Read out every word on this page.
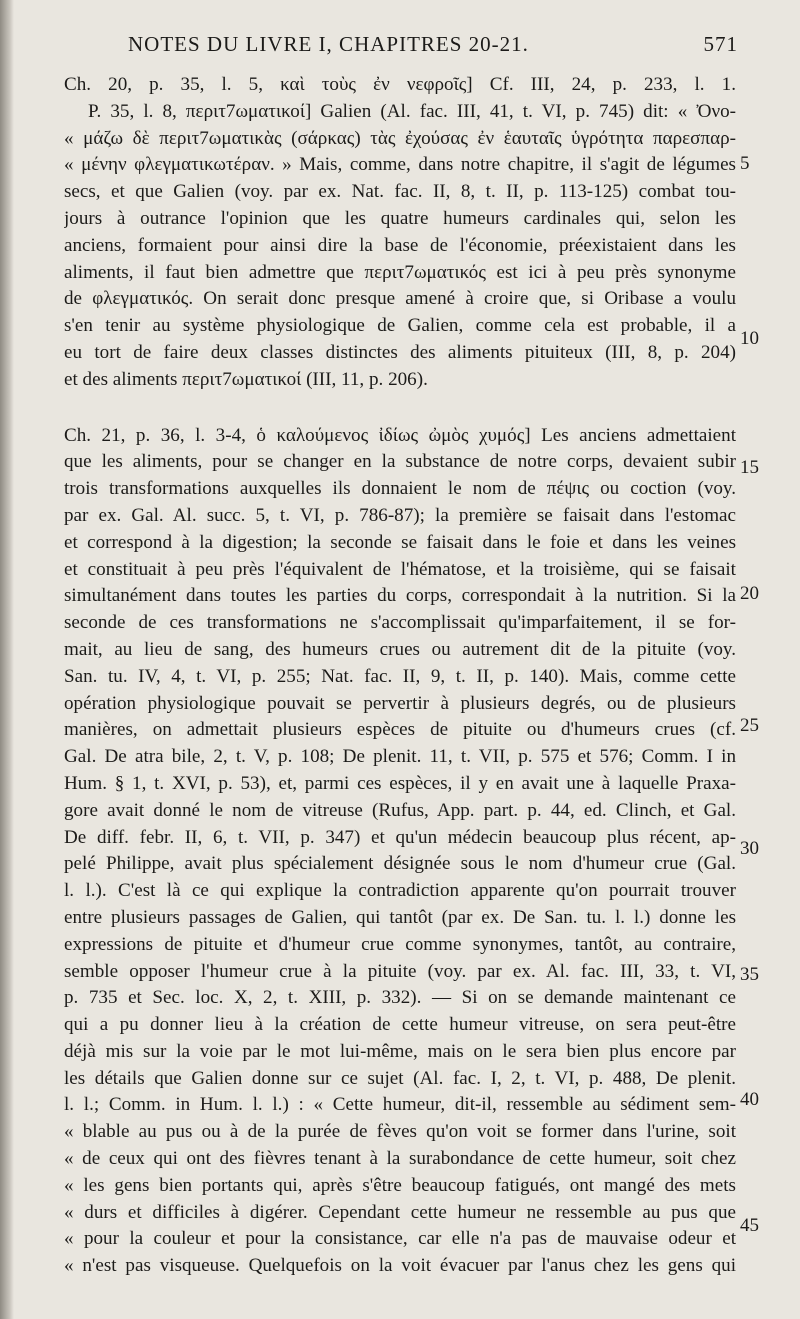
NOTES DU LIVRE I, CHAPITRES 20-21.	571
Ch. 20, p. 35, l. 5, καὶ τοὺς ἐν νεφροῖς] Cf. III, 24, p. 233, l. 1.
P. 35, l. 8, περιτ7ωματικοί] Galien (Al. fac. III, 41, t. VI, p. 745) dit: « Ὀνο-
« μάζω δὲ περιτ7ωματικὰς (σάρκας) τὰς ἐχούσας ἐν ἑαυταῖς ὑγρότητα παρεσπαρ-
« μένην φλεγματικωτέραν. » Mais, comme, dans notre chapitre, il s'agit de légumes
secs, et que Galien (voy. par ex. Nat. fac. II, 8, t. II, p. 113-125) combat tou-
jours à outrance l'opinion que les quatre humeurs cardinales qui, selon les
anciens, formaient pour ainsi dire la base de l'économie, préexistaient dans les
aliments, il faut bien admettre que περιτ7ωματικός est ici à peu près synonyme
de φλεγματικός. On serait donc presque amené à croire que, si Oribase a voulu
s'en tenir au système physiologique de Galien, comme cela est probable, il a
eu tort de faire deux classes distinctes des aliments pituiteux (III, 8, p. 204)
et des aliments περιτ7ωματικοί (III, 11, p. 206).
Ch. 21, p. 36, l. 3-4, ὁ καλούμενος ἰδίως ὠμὸς χυμός] Les anciens admettaient
que les aliments, pour se changer en la substance de notre corps, devaient subir
trois transformations auxquelles ils donnaient le nom de πέψις ou coction (voy.
par ex. Gal. Al. succ. 5, t. VI, p. 786-87); la première se faisait dans l'estomac
et correspond à la digestion; la seconde se faisait dans le foie et dans les veines
et constituait à peu près l'équivalent de l'hématose, et la troisième, qui se faisait
simultanément dans toutes les parties du corps, correspondait à la nutrition. Si la
seconde de ces transformations ne s'accomplissait qu'imparfaitement, il se for-
mait, au lieu de sang, des humeurs crues ou autrement dit de la pituite (voy.
San. tu. IV, 4, t. VI, p. 255; Nat. fac. II, 9, t. II, p. 140). Mais, comme cette
opération physiologique pouvait se pervertir à plusieurs degrés, ou de plusieurs
manières, on admettait plusieurs espèces de pituite ou d'humeurs crues (cf.
Gal. De atra bile, 2, t. V, p. 108; De plenit. 11, t. VII, p. 575 et 576; Comm. I in
Hum. § 1, t. XVI, p. 53), et, parmi ces espèces, il y en avait une à laquelle Praxa-
gore avait donné le nom de vitreuse (Rufus, App. part. p. 44, ed. Clinch, et Gal.
De diff. febr. II, 6, t. VII, p. 347) et qu'un médecin beaucoup plus récent, ap-
pelé Philippe, avait plus spécialement désignée sous le nom d'humeur crue (Gal.
l. l.). C'est là ce qui explique la contradiction apparente qu'on pourrait trouver
entre plusieurs passages de Galien, qui tantôt (par ex. De San. tu. l. l.) donne les
expressions de pituite et d'humeur crue comme synonymes, tantôt, au contraire,
semble opposer l'humeur crue à la pituite (voy. par ex. Al. fac. III, 33, t. VI,
p. 735 et Sec. loc. X, 2, t. XIII, p. 332). — Si on se demande maintenant ce
qui a pu donner lieu à la création de cette humeur vitreuse, on sera peut-être
déjà mis sur la voie par le mot lui-même, mais on le sera bien plus encore par
les détails que Galien donne sur ce sujet (Al. fac. I, 2, t. VI, p. 488, De plenit.
l. l.; Comm. in Hum. l. l.) : « Cette humeur, dit-il, ressemble au sédiment sem-
« blable au pus ou à de la purée de fèves qu'on voit se former dans l'urine, soit
« de ceux qui ont des fièvres tenant à la surabondance de cette humeur, soit chez
« les gens bien portants qui, après s'être beaucoup fatigués, ont mangé des mets
« durs et difficiles à digérer. Cependant cette humeur ne ressemble au pus que
« pour la couleur et pour la consistance, car elle n'a pas de mauvaise odeur et
« n'est pas visqueuse. Quelquefois on la voit évacuer par l'anus chez les gens qui
5
10
15
20
25
30
35
40
45
